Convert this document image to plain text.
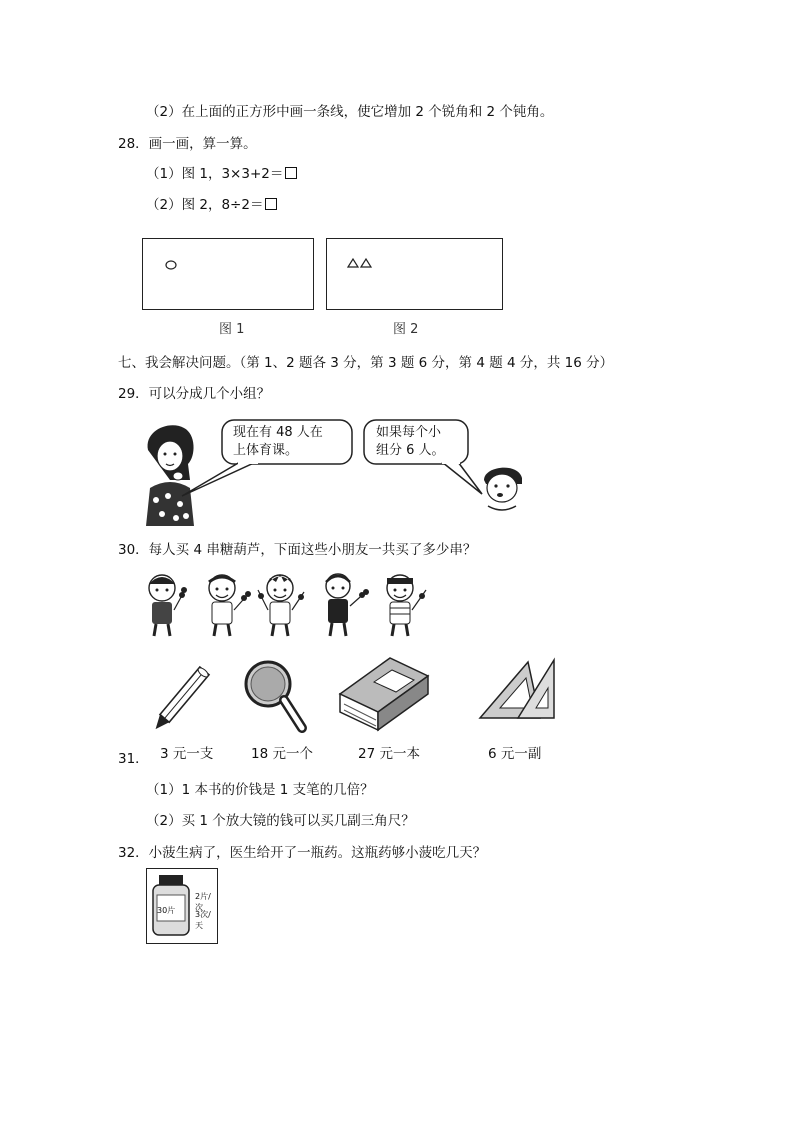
（2）在上面的正方形中画一条线，使它增加 2 个锐角和 2 个钝角。
28．画一画，算一算。
（1）图 1，3×3+2＝
（2）图 2，8÷2＝
图 1	图 2
七、我会解决问题。（第 1、2 题各 3 分，第 3 题 6 分，第 4 题 4 分，共 16 分）
29．可以分成几个小组？
现在有 48 人在
上体育课。
如果每个小
组分 6 人。
30．每人买 4 串糖葫芦，下面这些小朋友一共买了多少串？
31． 3 元一支	18 元一个	27 元一本	6 元一副
（1）1 本书的价钱是 1 支笔的几倍？
（2）买 1 个放大镜的钱可以买几副三角尺？
32．小菠生病了，医生给开了一瓶药。这瓶药够小菠吃几天？
30片
2片/次
3次/天
